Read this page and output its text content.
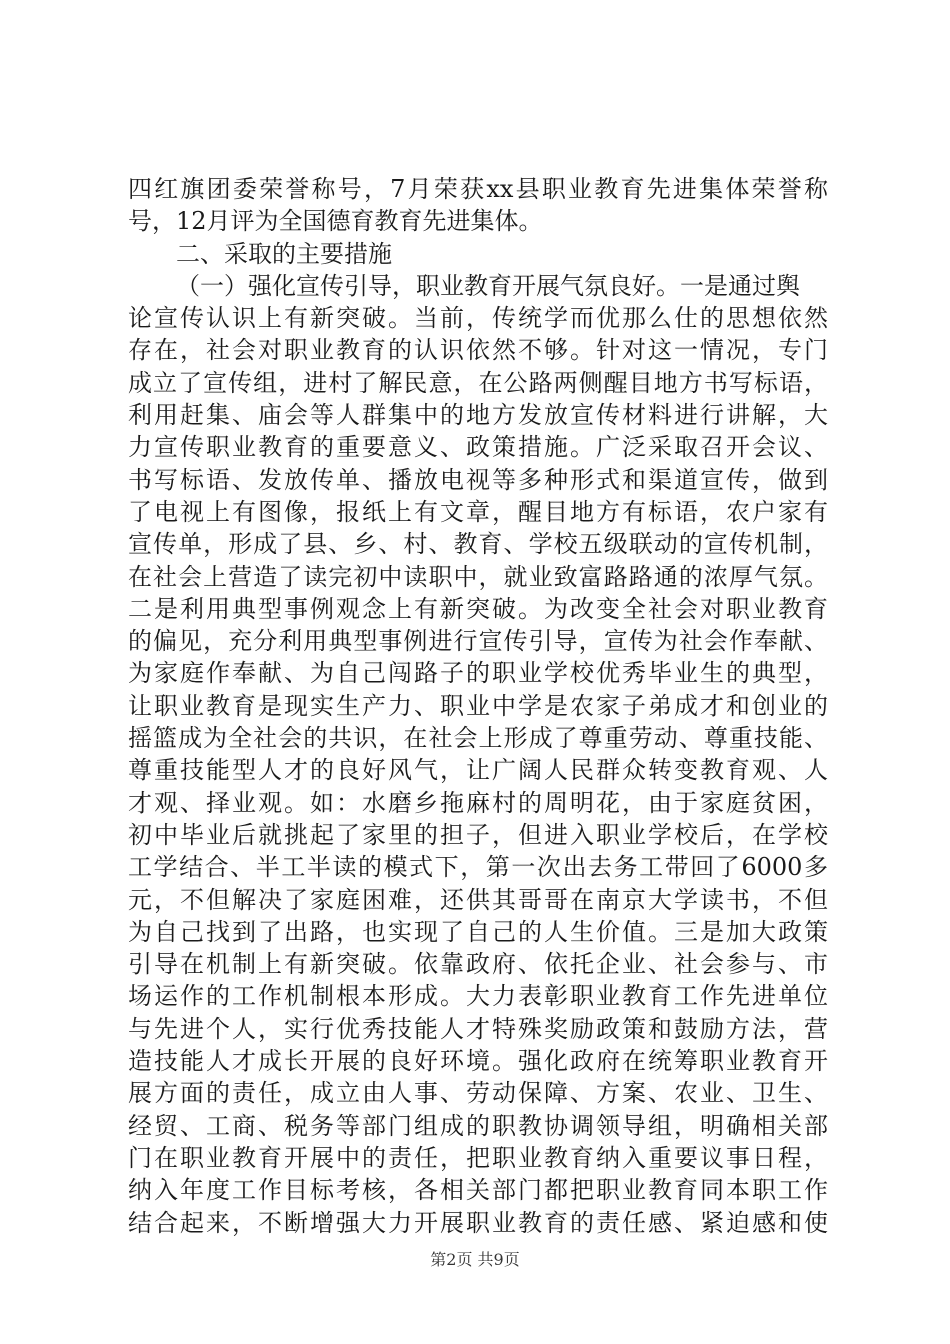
四红旗团委荣誉称号，7月荣获xx县职业教育先进集体荣誉称
号，12月评为全国德育教育先进集体。
二、采取的主要措施
（一）强化宣传引导，职业教育开展气氛良好。一是通过舆
论宣传认识上有新突破。当前，传统学而优那么仕的思想依然
存在，社会对职业教育的认识依然不够。针对这一情况，专门
成立了宣传组，进村了解民意，在公路两侧醒目地方书写标语，
利用赶集、庙会等人群集中的地方发放宣传材料进行讲解，大
力宣传职业教育的重要意义、政策措施。广泛采取召开会议、
书写标语、发放传单、播放电视等多种形式和渠道宣传，做到
了电视上有图像，报纸上有文章，醒目地方有标语，农户家有
宣传单，形成了县、乡、村、教育、学校五级联动的宣传机制，
在社会上营造了读完初中读职中，就业致富路路通的浓厚气氛。
二是利用典型事例观念上有新突破。为改变全社会对职业教育
的偏见，充分利用典型事例进行宣传引导，宣传为社会作奉献、
为家庭作奉献、为自己闯路子的职业学校优秀毕业生的典型，
让职业教育是现实生产力、职业中学是农家子弟成才和创业的
摇篮成为全社会的共识，在社会上形成了尊重劳动、尊重技能、
尊重技能型人才的良好风气，让广阔人民群众转变教育观、人
才观、择业观。如：水磨乡拖麻村的周明花，由于家庭贫困，
初中毕业后就挑起了家里的担子，但进入职业学校后，在学校
工学结合、半工半读的模式下，第一次出去务工带回了6000多
元，不但解决了家庭困难，还供其哥哥在南京大学读书，不但
为自己找到了出路，也实现了自己的人生价值。三是加大政策
引导在机制上有新突破。依靠政府、依托企业、社会参与、市
场运作的工作机制根本形成。大力表彰职业教育工作先进单位
与先进个人，实行优秀技能人才特殊奖励政策和鼓励方法，营
造技能人才成长开展的良好环境。强化政府在统筹职业教育开
展方面的责任，成立由人事、劳动保障、方案、农业、卫生、
经贸、工商、税务等部门组成的职教协调领导组，明确相关部
门在职业教育开展中的责任，把职业教育纳入重要议事日程，
纳入年度工作目标考核，各相关部门都把职业教育同本职工作
结合起来，不断增强大力开展职业教育的责任感、紧迫感和使
第2页 共9页
